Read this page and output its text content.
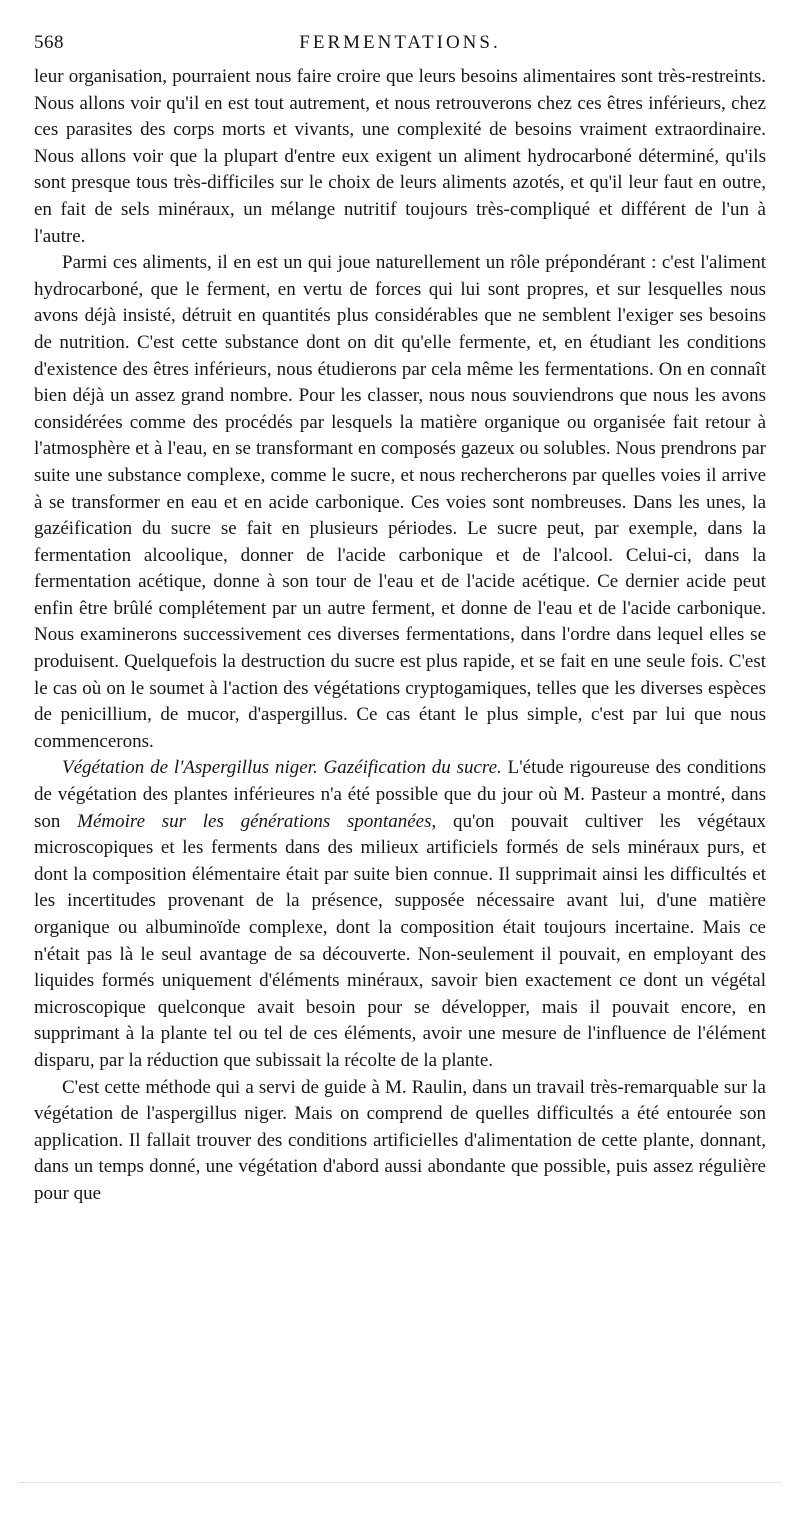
568	FERMENTATIONS.

leur organisation, pourraient nous faire croire que leurs besoins alimentaires sont très-restreints. Nous allons voir qu'il en est tout autrement, et nous retrouverons chez ces êtres inférieurs, chez ces parasites des corps morts et vivants, une complexité de besoins vraiment extraordinaire. Nous allons voir que la plupart d'entre eux exigent un aliment hydrocarboné déterminé, qu'ils sont presque tous très-difficiles sur le choix de leurs aliments azotés, et qu'il leur faut en outre, en fait de sels minéraux, un mélange nutritif toujours très-compliqué et différent de l'un à l'autre.

Parmi ces aliments, il en est un qui joue naturellement un rôle prépondérant : c'est l'aliment hydrocarboné, que le ferment, en vertu de forces qui lui sont propres, et sur lesquelles nous avons déjà insisté, détruit en quantités plus considérables que ne semblent l'exiger ses besoins de nutrition. C'est cette substance dont on dit qu'elle fermente, et, en étudiant les conditions d'existence des êtres inférieurs, nous étudierons par cela même les fermentations. On en connaît bien déjà un assez grand nombre. Pour les classer, nous nous souviendrons que nous les avons considérées comme des procédés par lesquels la matière organique ou organisée fait retour à l'atmosphère et à l'eau, en se transformant en composés gazeux ou solubles. Nous prendrons par suite une substance complexe, comme le sucre, et nous rechercherons par quelles voies il arrive à se transformer en eau et en acide carbonique. Ces voies sont nombreuses. Dans les unes, la gazéification du sucre se fait en plusieurs périodes. Le sucre peut, par exemple, dans la fermentation alcoolique, donner de l'acide carbonique et de l'alcool. Celui-ci, dans la fermentation acétique, donne à son tour de l'eau et de l'acide acétique. Ce dernier acide peut enfin être brûlé complétement par un autre ferment, et donne de l'eau et de l'acide carbonique. Nous examinerons successivement ces diverses fermentations, dans l'ordre dans lequel elles se produisent. Quelquefois la destruction du sucre est plus rapide, et se fait en une seule fois. C'est le cas où on le soumet à l'action des végétations cryptogamiques, telles que les diverses espèces de penicillium, de mucor, d'aspergillus. Ce cas étant le plus simple, c'est par lui que nous commencerons.

Végétation de l'Aspergillus niger. Gazéification du sucre. L'étude rigoureuse des conditions de végétation des plantes inférieures n'a été possible que du jour où M. Pasteur a montré, dans son Mémoire sur les générations spontanées, qu'on pouvait cultiver les végétaux microscopiques et les ferments dans des milieux artificiels formés de sels minéraux purs, et dont la composition élémentaire était par suite bien connue. Il supprimait ainsi les difficultés et les incertitudes provenant de la présence, supposée nécessaire avant lui, d'une matière organique ou albuminoïde complexe, dont la composition était toujours incertaine. Mais ce n'était pas là le seul avantage de sa découverte. Non-seulement il pouvait, en employant des liquides formés uniquement d'éléments minéraux, savoir bien exactement ce dont un végétal microscopique quelconque avait besoin pour se développer, mais il pouvait encore, en supprimant à la plante tel ou tel de ces éléments, avoir une mesure de l'influence de l'élément disparu, par la réduction que subissait la récolte de la plante.

C'est cette méthode qui a servi de guide à M. Raulin, dans un travail très-remarquable sur la végétation de l'aspergillus niger. Mais on comprend de quelles difficultés a été entourée son application. Il fallait trouver des conditions artificielles d'alimentation de cette plante, donnant, dans un temps donné, une végétation d'abord aussi abondante que possible, puis assez régulière pour que
